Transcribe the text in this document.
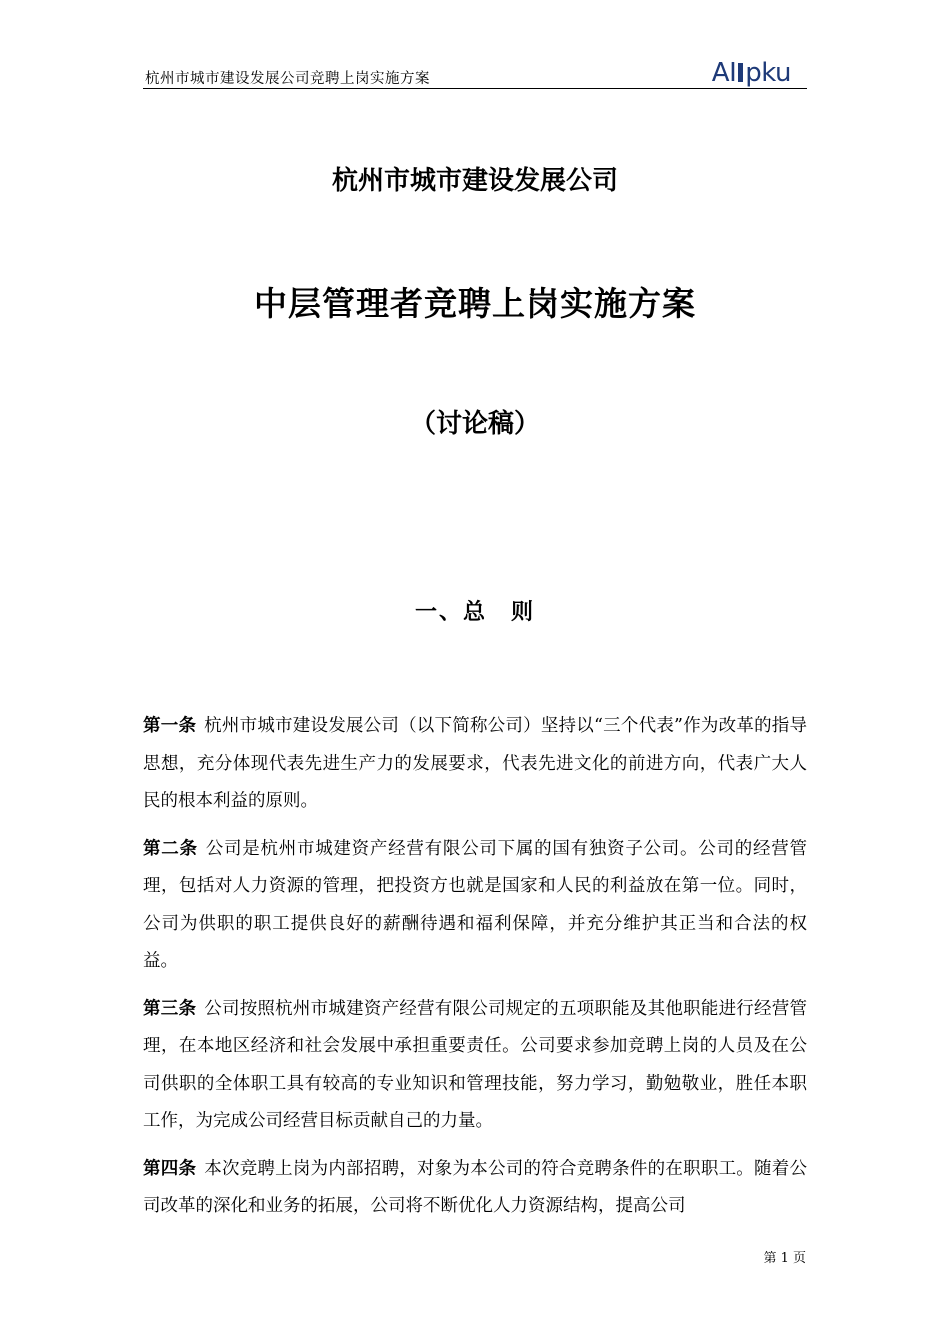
杭州市城市建设发展公司竞聘上岗实施方案	AI pku
杭州市城市建设发展公司
中层管理者竞聘上岗实施方案
（讨论稿）
一、总　则

第一条 杭州市城市建设发展公司（以下简称公司）坚持以“三个代表”作为改革的指导思想，充分体现代表先进生产力的发展要求，代表先进文化的前进方向，代表广大人民的根本利益的原则。

第二条 公司是杭州市城建资产经营有限公司下属的国有独资子公司。公司的经营管理，包括对人力资源的管理，把投资方也就是国家和人民的利益放在第一位。同时，公司为供职的职工提供良好的薪酬待遇和福利保障，并充分维护其正当和合法的权益。

第三条 公司按照杭州市城建资产经营有限公司规定的五项职能及其他职能进行经营管理，在本地区经济和社会发展中承担重要责任。公司要求参加竞聘上岗的人员及在公司供职的全体职工具有较高的专业知识和管理技能，努力学习，勤勉敬业，胜任本职工作，为完成公司经营目标贡献自己的力量。

第四条 本次竞聘上岗为内部招聘，对象为本公司的符合竞聘条件的在职职工。随着公司改革的深化和业务的拓展，公司将不断优化人力资源结构，提高公司

第 1 页
